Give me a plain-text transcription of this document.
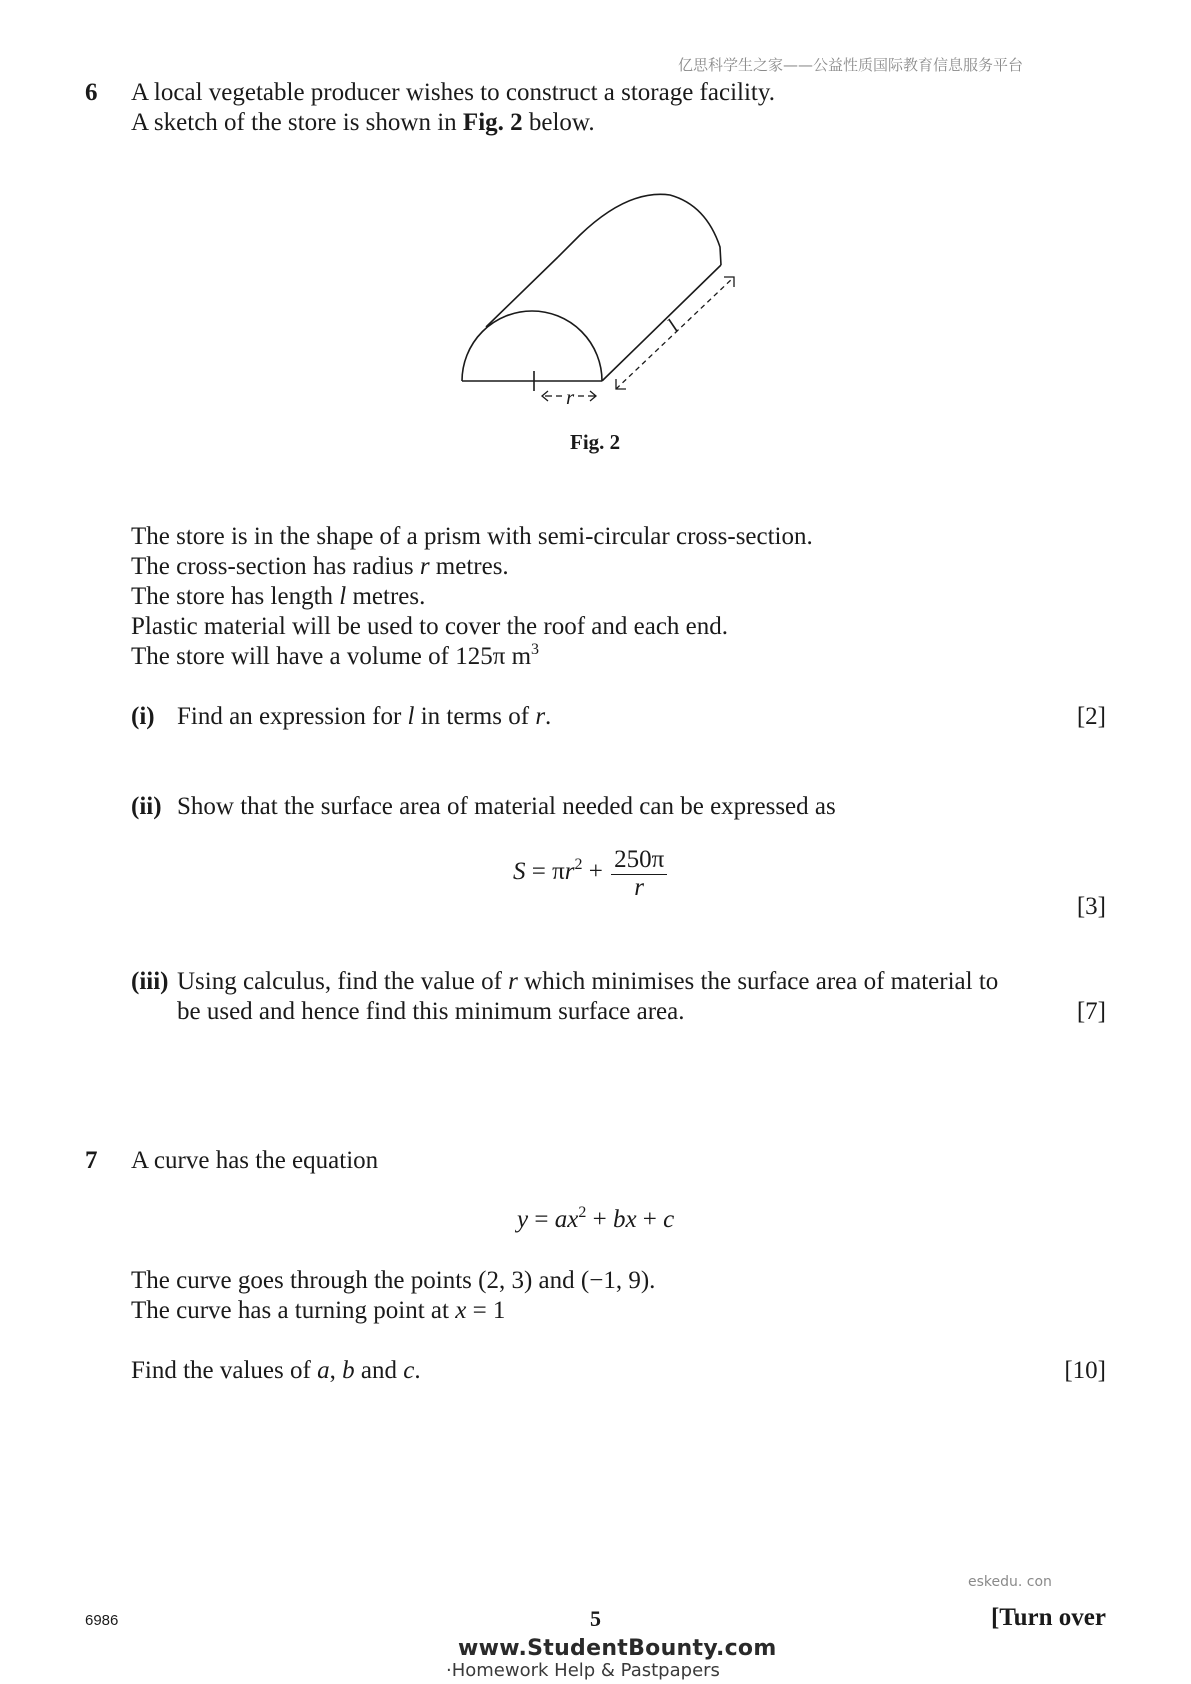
亿思科学生之家——公益性质国际教育信息服务平台
6 A local vegetable producer wishes to construct a storage facility.
A sketch of the store is shown in Fig. 2 below.
r
l
Fig. 2
The store is in the shape of a prism with semi-circular cross-section.
The cross-section has radius r metres.
The store has length l metres.
Plastic material will be used to cover the roof and each end.
The store will have a volume of 125π $m^3$
(i) Find an expression for l in terms of r.	[2]
(ii) Show that the surface area of material needed can be expressed as
$S = \pi r^2 + \frac{250\pi}{r}$
[3]
(iii) Using calculus, find the value of r which minimises the surface area of material to
be used and hence find this minimum surface area.	[7]
7 A curve has the equation
$y = ax^2$ + bx + c
The curve goes through the points (2, 3) and (−1, 9).
The curve has a turning point at x = 1
Find the values of a, b and c.	[10]
eskedu. con
6986	5	[Turn over
www.StudentBounty.com
·Homework Help & Pastpapers
